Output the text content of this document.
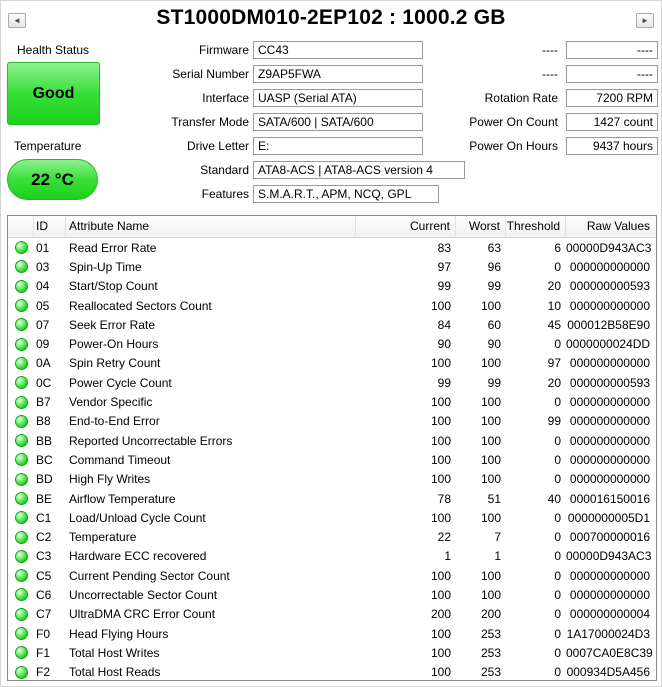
◄	ST1000DM010-2EP102 : 1000.2 GB	►
Health Status
Good
Temperature
22 °C
Firmware CC43
Serial Number Z9AP5FWA
Interface UASP (Serial ATA)
Transfer Mode SATA/600 | SATA/600
Drive Letter E:
Standard ATA8-ACS | ATA8-ACS version 4
Features S.M.A.R.T., APM, NCQ, GPL
----	----
----	----
Rotation Rate	7200 RPM
Power On Count	1427 count
Power On Hours	9437 hours
ID	Attribute Name	Current	Worst Threshold	Raw Values
01	Read Error Rate	83	63	6 00000D943AC3
03	Spin-Up Time	97	96	0 000000000000
04	Start/Stop Count	99	99	20 000000000593
05	Reallocated Sectors Count	100	100	10 000000000000
07	Seek Error Rate	84	60	45 000012B58E90
09	Power-On Hours	90	90	0 0000000024DD
0A	Spin Retry Count	100	100	97 000000000000
0C	Power Cycle Count	99	99	20 000000000593
B7	Vendor Specific	100	100	0 000000000000
B8	End-to-End Error	100	100	99 000000000000
BB	Reported Uncorrectable Errors	100	100	0 000000000000
BC	Command Timeout	100	100	0 000000000000
BD	High Fly Writes	100	100	0 000000000000
BE	Airflow Temperature	78	51	40 000016150016
C1	Load/Unload Cycle Count	100	100	0 0000000005D1
C2	Temperature	22	7	0 000700000016
C3	Hardware ECC recovered	1	1	0 00000D943AC3
C5	Current Pending Sector Count	100	100	0 000000000000
C6	Uncorrectable Sector Count	100	100	0 000000000000
C7	UltraDMA CRC Error Count	200	200	0 000000000004
F0	Head Flying Hours	100	253	0 1A17000024D3
F1	Total Host Writes	100	253	0 0007CA0E8C39
F2	Total Host Reads	100	253	0 000934D5A456
